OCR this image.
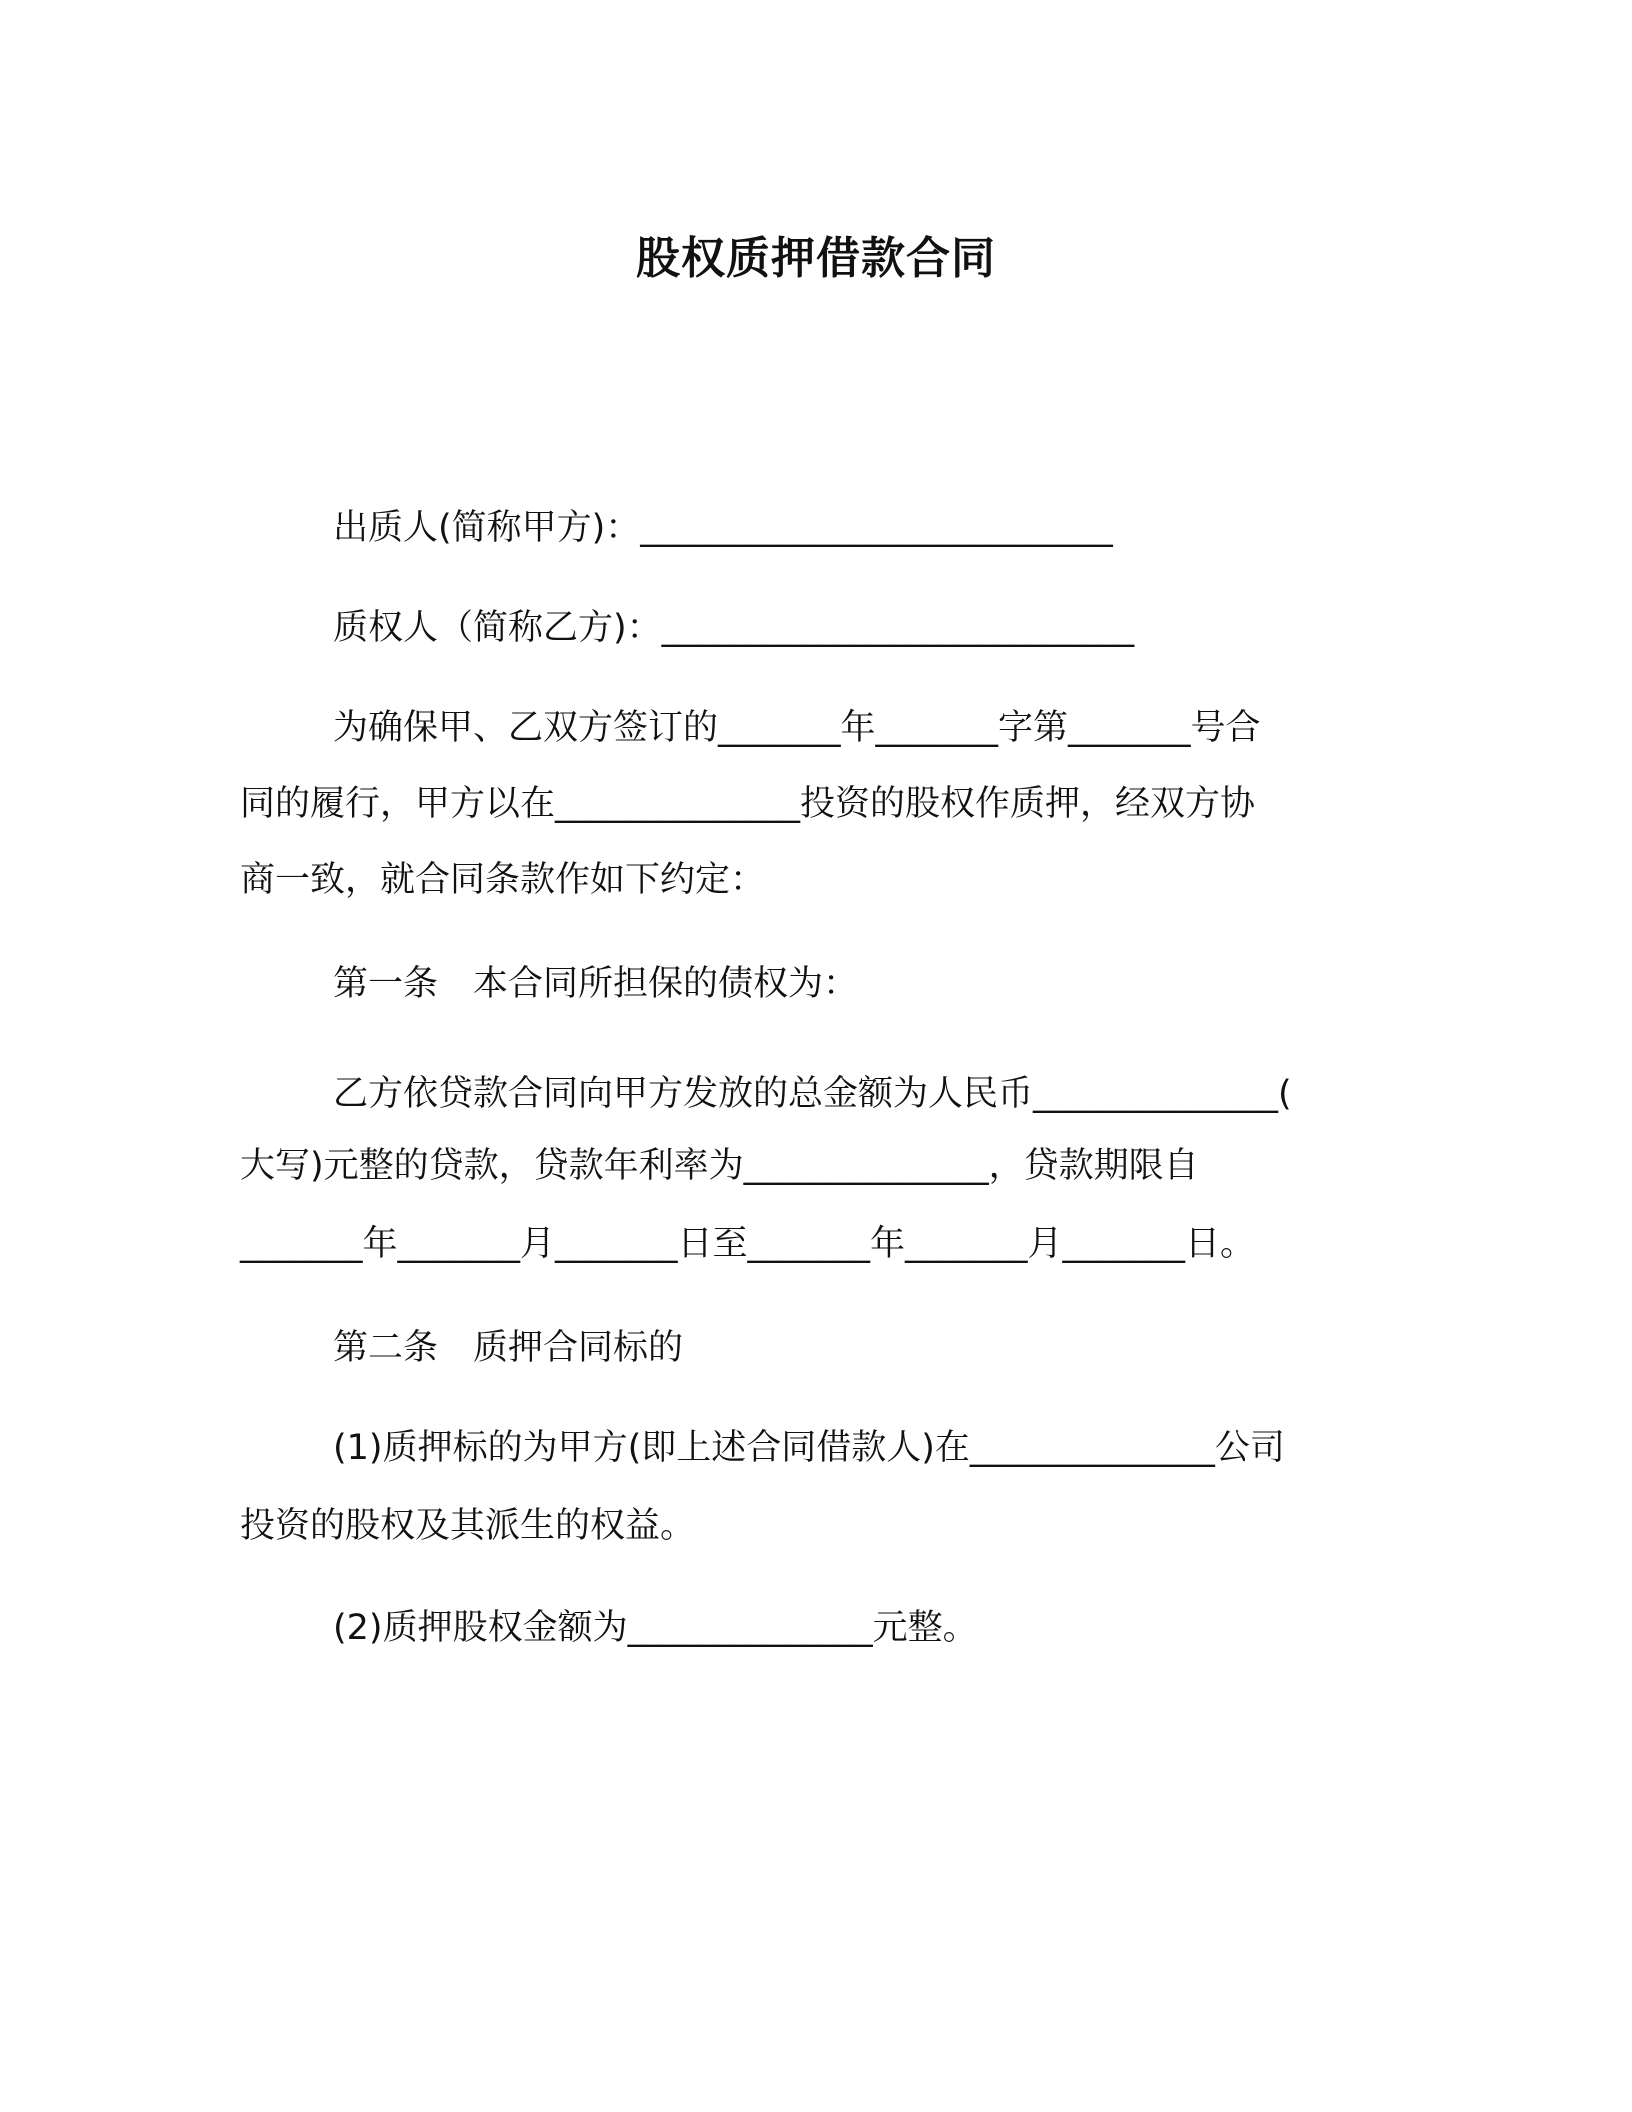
股权质押借款合同

出质人(简称甲方)：___________________________

质权人（简称乙方)：___________________________

为确保甲、乙双方签订的_______年_______字第_______号合

同的履行，甲方以在______________投资的股权作质押，经双方协

商一致，就合同条款作如下约定：

第一条　本合同所担保的债权为：

乙方依贷款合同向甲方发放的总金额为人民币______________(

大写)元整的贷款，贷款年利率为______________，贷款期限自

_______年_______月_______日至_______年_______月_______日。

第二条　质押合同标的

(1)质押标的为甲方(即上述合同借款人)在______________公司

投资的股权及其派生的权益。

(2)质押股权金额为______________元整。
